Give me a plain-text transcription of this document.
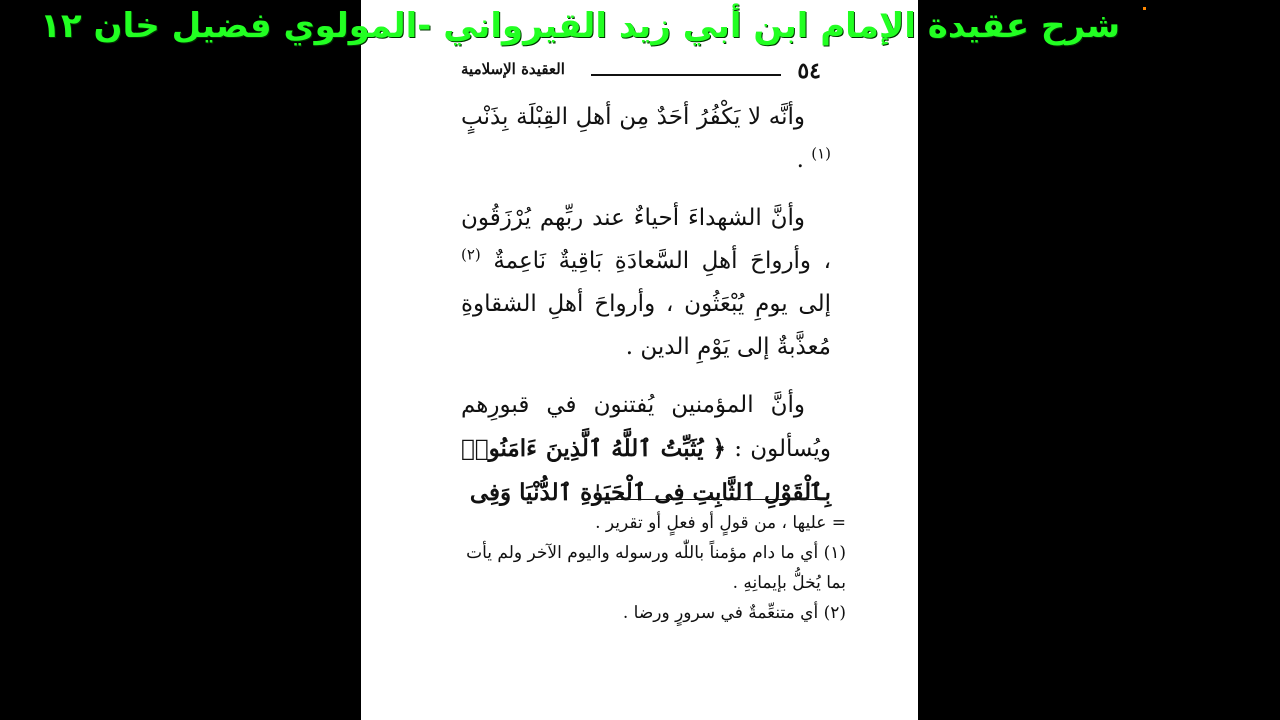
شرح عقيدة الإمام ابن أبي زيد القيرواني -المولوي فضيل خان ١٢
٥٤
العقيدة الإسلامية

وأنَّه لا يَكْفُرُ أحَدٌ مِن أهلِ القِبْلَة بِذَنْبٍ $^{(١)}$ .

وأنَّ الشهداءَ أحياءٌ عند ربِّهم يُرْزَقُون ، وأرواحَ أهلِ السَّعادَةِ بَاقِيةٌ نَاعِمةٌ $^{(٢)}$ إلى يومِ يُبْعَثُون ، وأرواحَ أهلِ الشقاوةِ مُعذَّبةٌ إلى يَوْمِ الدين .

وأنَّ المؤمنين يُفتنون في قبورِهم ويُسألون : ﴿ يُثَبِّتُ ٱللَّهُ ٱلَّذِينَ ءَامَنُوا۟ بِٱلْقَوْلِ ٱلثَّابِتِ فِى ٱلْحَيَوٰةِ ٱلدُّنْيَا وَفِى

= عليها ، من قولٍ أو فعلٍ أو تقرير .
(١) أي ما دام مؤمناً باللّٰه ورسوله واليوم الآخر ولم يأت بما يُخلُّ بإيمانِهِ .
(٢) أي متنعِّمةٌ في سرورٍ ورضا .
